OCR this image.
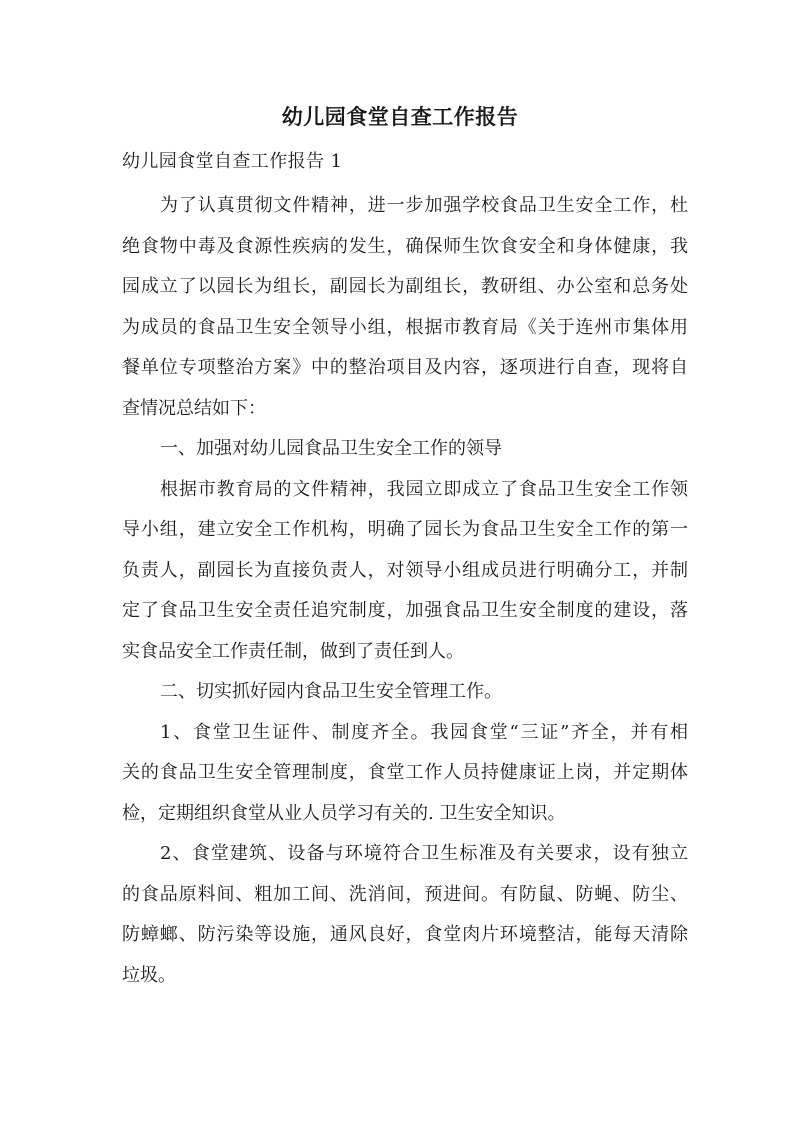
幼儿园食堂自查工作报告
幼儿园食堂自查工作报告 1
为了认真贯彻文件精神，进一步加强学校食品卫生安全工作，杜
绝食物中毒及食源性疾病的发生，确保师生饮食安全和身体健康，我
园成立了以园长为组长，副园长为副组长，教研组、办公室和总务处
为成员的食品卫生安全领导小组，根据市教育局《关于连州市集体用
餐单位专项整治方案》中的整治项目及内容，逐项进行自查，现将自
查情况总结如下：
一、加强对幼儿园食品卫生安全工作的领导
根据市教育局的文件精神，我园立即成立了食品卫生安全工作领
导小组，建立安全工作机构，明确了园长为食品卫生安全工作的第一
负责人，副园长为直接负责人，对领导小组成员进行明确分工，并制
定了食品卫生安全责任追究制度，加强食品卫生安全制度的建设，落
实食品安全工作责任制，做到了责任到人。
二、切实抓好园内食品卫生安全管理工作。
1、食堂卫生证件、制度齐全。我园食堂“三证”齐全，并有相
关的食品卫生安全管理制度，食堂工作人员持健康证上岗，并定期体
检，定期组织食堂从业人员学习有关的. 卫生安全知识。
2、食堂建筑、设备与环境符合卫生标准及有关要求，设有独立
的食品原料间、粗加工间、洗消间，预进间。有防鼠、防蝇、防尘、
防蟑螂、防污染等设施，通风良好，食堂肉片环境整洁，能每天清除
垃圾。
